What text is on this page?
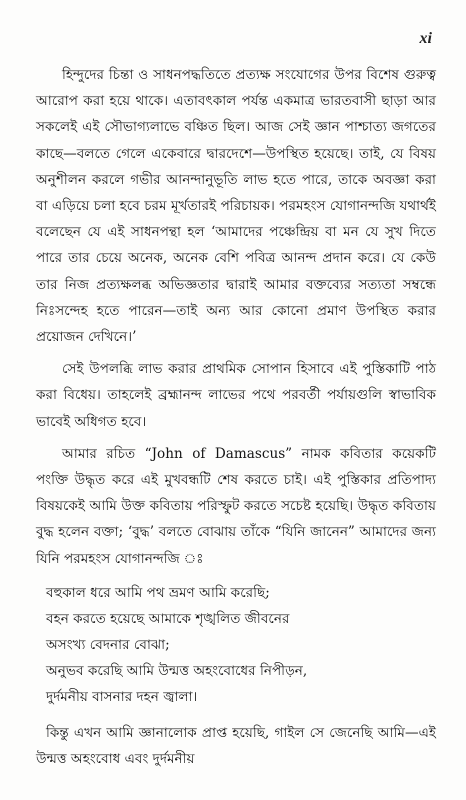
xi

হিন্দুদের চিন্তা ও সাধনপদ্ধতিতে প্রত্যক্ষ সংযোগের উপর বিশেষ গুরুত্ব আরোপ করা হয়ে থাকে। এতাবৎকাল পর্যন্ত একমাত্র ভারতবাসী ছাড়া আর সকলেই এই সৌভাগ্যলাভে বঞ্চিত ছিল। আজ সেই জ্ঞান পাশ্চাত্য জগতের কাছে—বলতে গেলে একেবারে দ্বারদেশে—উপস্থিত হয়েছে। তাই, যে বিষয় অনুশীলন করলে গভীর আনন্দানুভূতি লাভ হতে পারে, তাকে অবজ্ঞা করা বা এড়িয়ে চলা হবে চরম মূর্খতারই পরিচায়ক। পরমহংস যোগানন্দজি যথার্থই বলেছেন যে এই সাধনপন্থা হল ‘আমাদের পঞ্চেন্দ্রিয় বা মন যে সুখ দিতে পারে তার চেয়ে অনেক, অনেক বেশি পবিত্র আনন্দ প্রদান করে। যে কেউ তার নিজ প্রত্যক্ষলব্ধ অভিজ্ঞতার দ্বারাই আমার বক্তব্যের সত্যতা সম্বন্ধে নিঃসন্দেহ হতে পারেন—তাই অন্য আর কোনো প্রমাণ উপস্থিত করার প্রয়োজন দেখিনে।’

সেই উপলব্ধি লাভ করার প্রাথমিক সোপান হিসাবে এই পুস্তিকাটি পাঠ করা বিধেয়। তাহলেই ব্রহ্মানন্দ লাভের পথে পরবর্তী পর্যায়গুলি স্বাভাবিক ভাবেই অধিগত হবে।

আমার রচিত “John of Damascus” নামক কবিতার কয়েকটি পংক্তি উদ্ধৃত করে এই মুখবন্ধটি শেষ করতে চাই। এই পুস্তিকার প্রতিপাদ্য বিষয়কেই আমি উক্ত কবিতায় পরিস্ফুট করতে সচেষ্ট হয়েছি। উদ্ধৃত কবিতায় বুদ্ধ হলেন বক্তা; ‘বুদ্ধ’ বলতে বোঝায় তাঁকে “যিনি জানেন” আমাদের জন্য যিনি পরমহংস যোগানন্দজি ঃ

বহুকাল ধরে আমি পথ ভ্রমণ আমি করেছি;
বহন করতে হয়েছে আমাকে শৃঙ্খলিত জীবনের
অসংখ্য বেদনার বোঝা;
অনুভব করেছি আমি উন্মত্ত অহংবোধের নিপীড়ন,
দুর্দমনীয় বাসনার দহন জ্বালা।

কিন্তু এখন আমি জ্ঞানালোক প্রাপ্ত হয়েছি, গাইল সে জেনেছি আমি—এই উন্মত্ত অহংবোধ এবং দুর্দমনীয়
